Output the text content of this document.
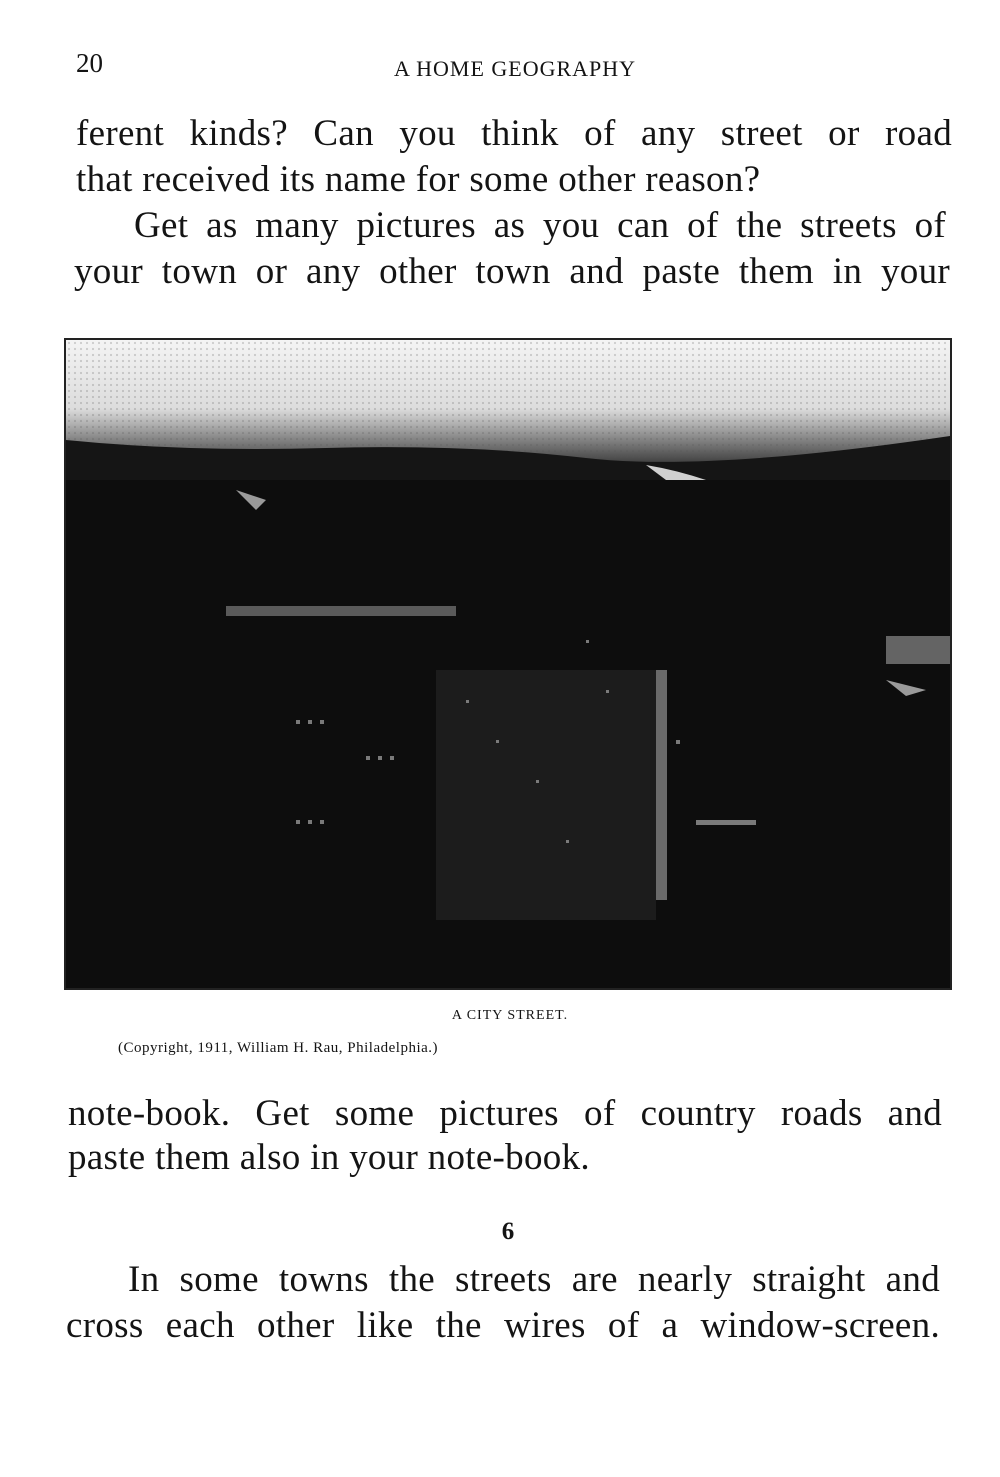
20	A HOME GEOGRAPHY
ferent kinds? Can you think of any street or road
that received its name for some other reason?
Get as many pictures as you can of the streets of
your town or any other town and paste them in your
A CITY STREET.
(Copyright, 1911, William H. Rau, Philadelphia.)
note-book. Get some pictures of country roads and
paste them also in your note-book.
6
In some towns the streets are nearly straight and
cross each other like the wires of a window-screen.
